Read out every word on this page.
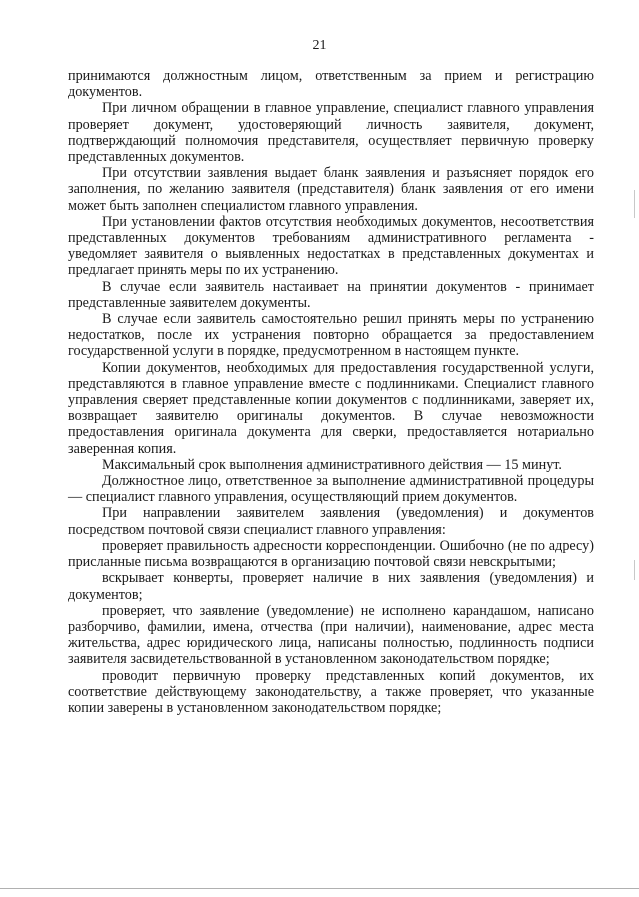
21

принимаются должностным лицом, ответственным за прием и регистрацию документов.

При личном обращении в главное управление, специалист главного управления проверяет документ, удостоверяющий личность заявителя, документ, подтверждающий полномочия представителя, осуществляет первичную проверку представленных документов.

При отсутствии заявления выдает бланк заявления и разъясняет порядок его заполнения, по желанию заявителя (представителя) бланк заявления от его имени может быть заполнен специалистом главного управления.

При установлении фактов отсутствия необходимых документов, несоответствия представленных документов требованиям административного регламента - уведомляет заявителя о выявленных недостатках в представленных документах и предлагает принять меры по их устранению.

В случае если заявитель настаивает на принятии документов - принимает представленные заявителем документы.

В случае если заявитель самостоятельно решил принять меры по устранению недостатков, после их устранения повторно обращается за предоставлением государственной услуги в порядке, предусмотренном в настоящем пункте.

Копии документов, необходимых для предоставления государственной услуги, представляются в главное управление вместе с подлинниками. Специалист главного управления сверяет представленные копии документов с подлинниками, заверяет их, возвращает заявителю оригиналы документов. В случае невозможности предоставления оригинала документа для сверки, предоставляется нотариально заверенная копия.

Максимальный срок выполнения административного действия — 15 минут.

Должностное лицо, ответственное за выполнение административной процедуры — специалист главного управления, осуществляющий прием документов.

При направлении заявителем заявления (уведомления) и документов посредством почтовой связи специалист главного управления:

проверяет правильность адресности корреспонденции. Ошибочно (не по адресу) присланные письма возвращаются в организацию почтовой связи невскрытыми;

вскрывает конверты, проверяет наличие в них заявления (уведомления) и документов;

проверяет, что заявление (уведомление) не исполнено карандашом, написано разборчиво, фамилии, имена, отчества (при наличии), наименование, адрес места жительства, адрес юридического лица, написаны полностью, подлинность подписи заявителя засвидетельствованной в установленном законодательством порядке;

проводит первичную проверку представленных копий документов, их соответствие действующему законодательству, а также проверяет, что указанные копии заверены в установленном законодательством порядке;
